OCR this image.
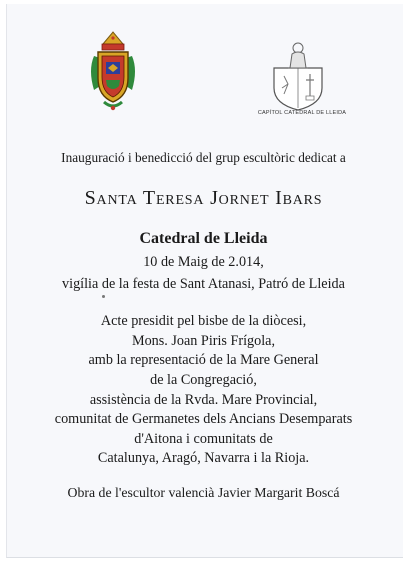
CAPÍTOL CATEDRAL DE LLEIDA
Inauguració i benedicció del grup escultòric dedicat a
Santa Teresa Jornet Ibars
Catedral de Lleida
10 de Maig de 2.014,
vigília de la festa de Sant Atanasi, Patró de Lleida
Acte presidit pel bisbe de la diòcesi,
Mons. Joan Piris Frígola,
amb la representació de la Mare General
de la Congregació,
assistència de la Rvda. Mare Provincial,
comunitat de Germanetes dels Ancians Desemparats
d'Aitona i comunitats de
Catalunya, Aragó, Navarra i la Rioja.
Obra de l'escultor valencià Javier Margarit Boscá
